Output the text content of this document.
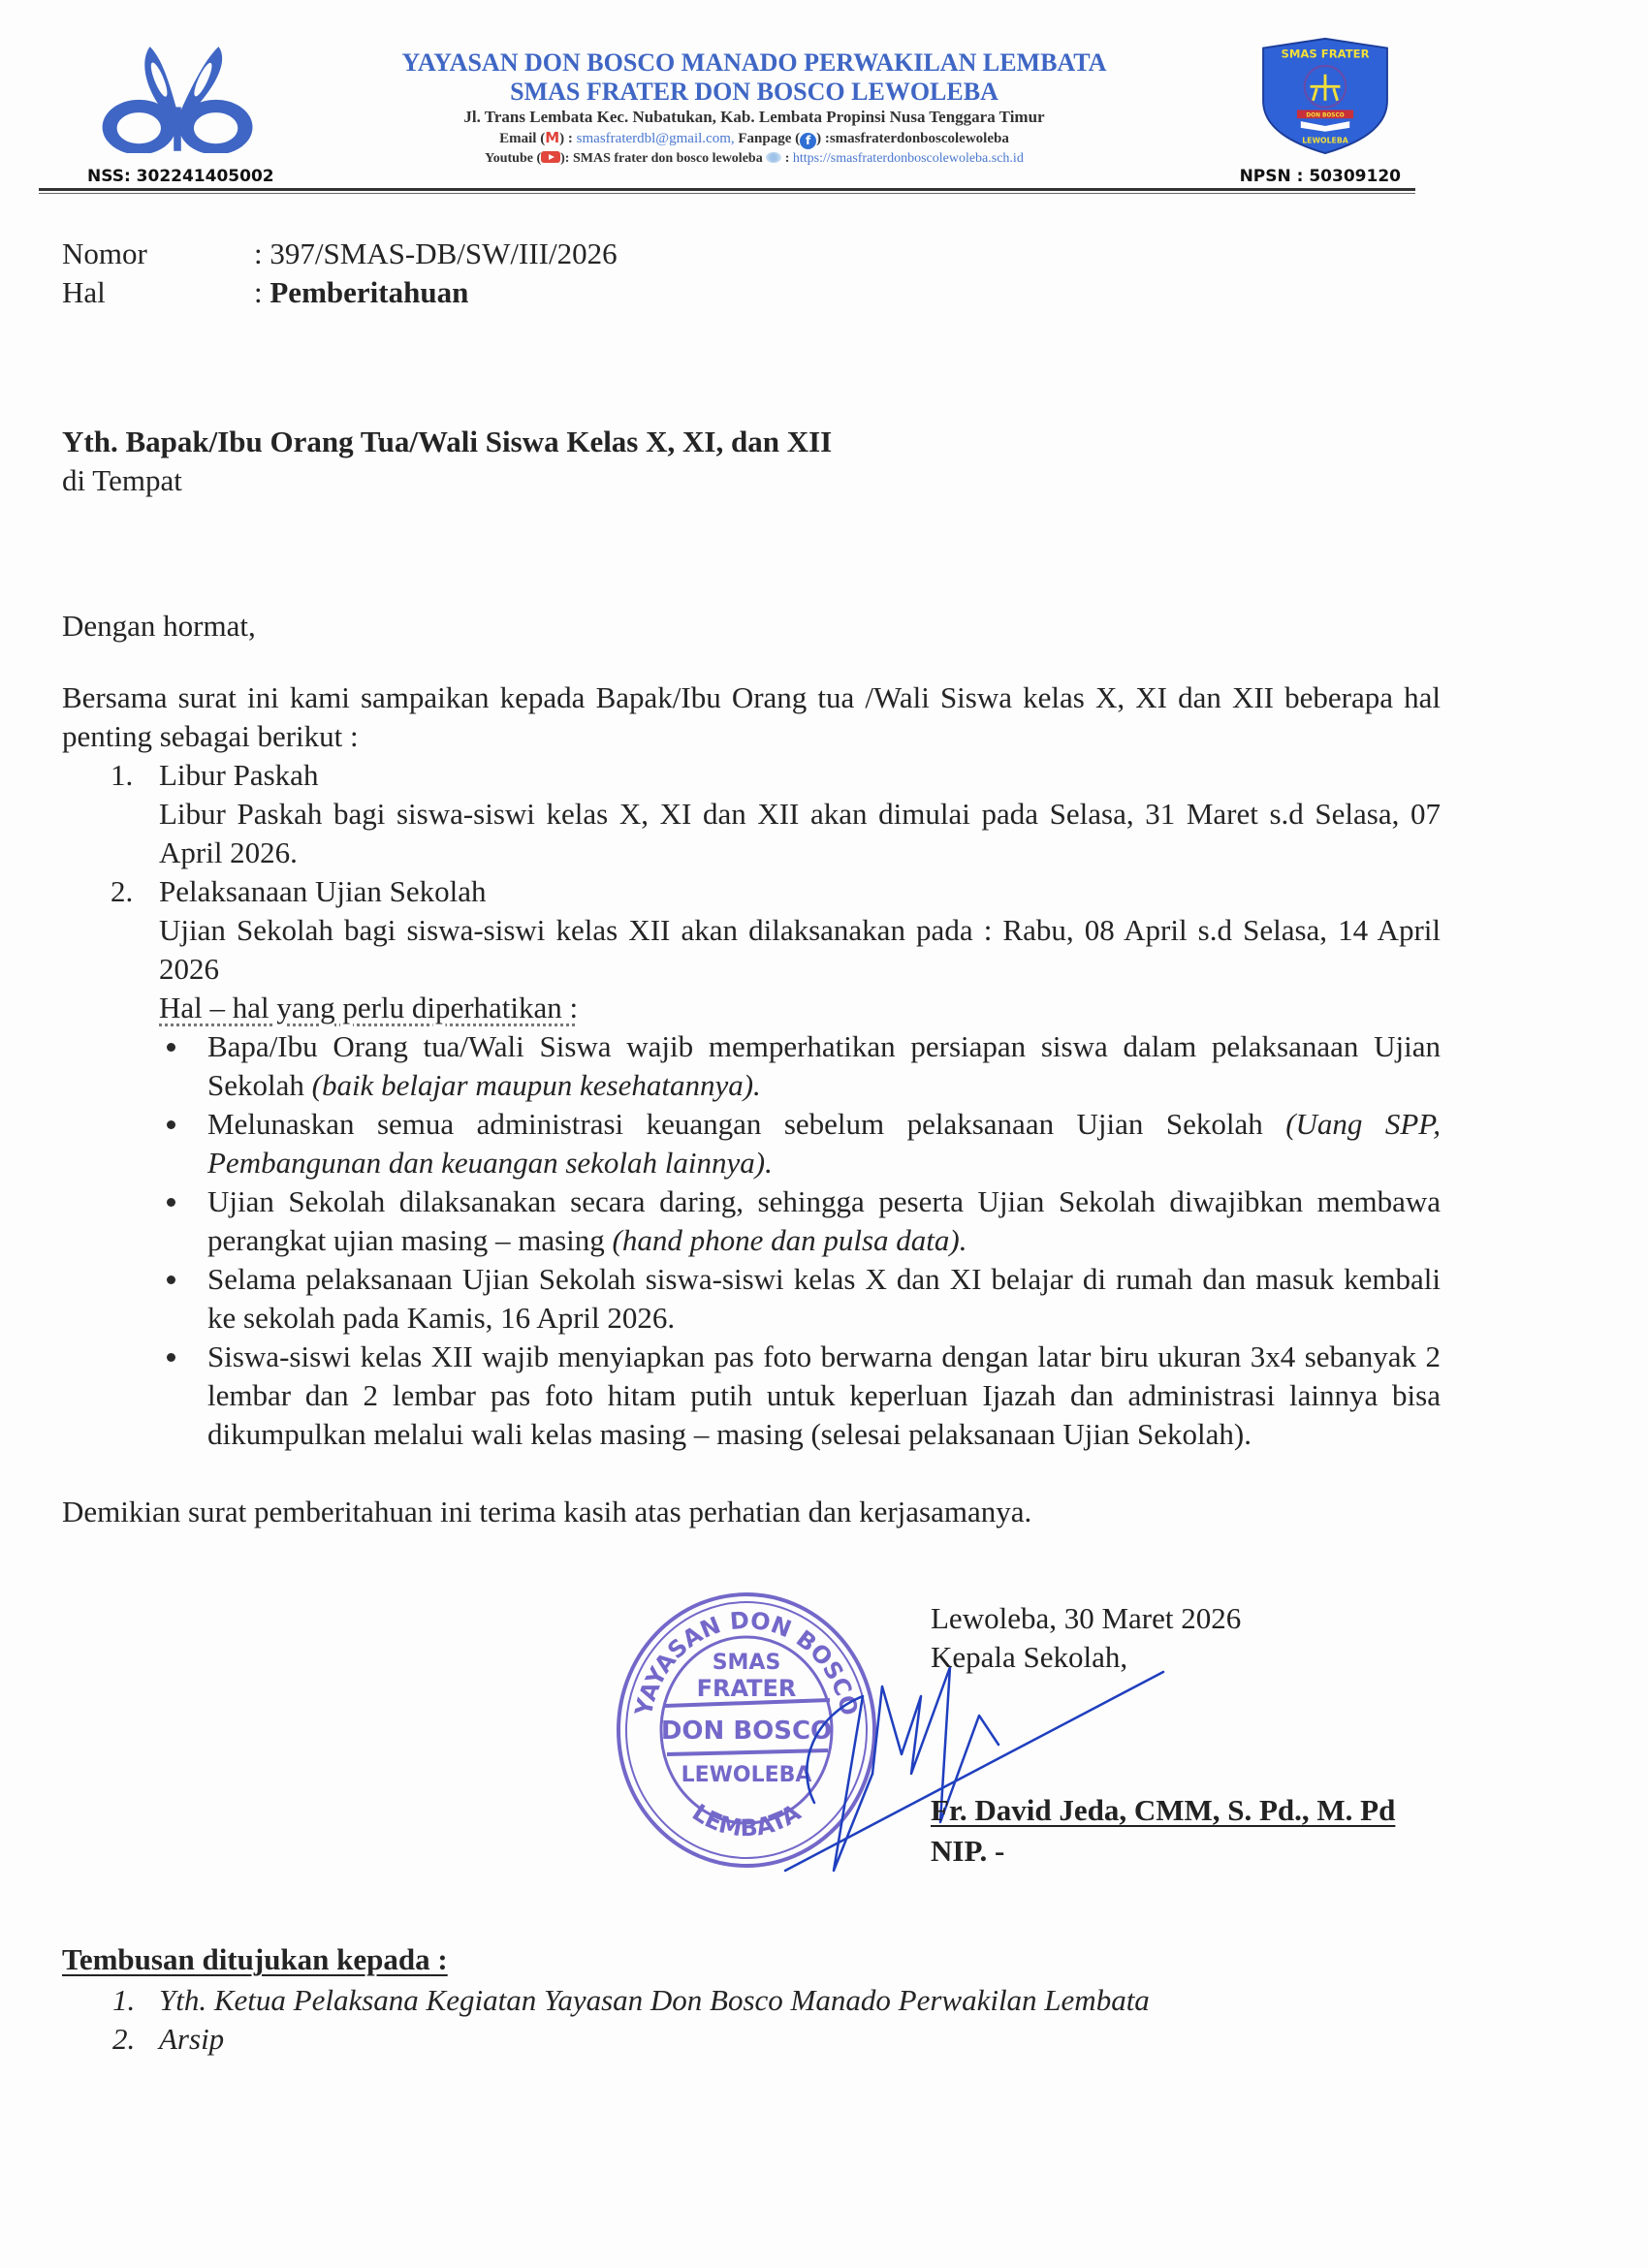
YAYASAN DON BOSCO MANADO PERWAKILAN LEMBATA
SMAS FRATER DON BOSCO LEWOLEBA
Jl. Trans Lembata Kec. Nubatukan, Kab. Lembata Propinsi Nusa Tenggara Timur
Email (M) : smasfraterdbl@gmail.com, Fanpage ( f ) :smasfraterdonboscolewoleba
Youtube ( ): SMAS frater don bosco lewoleba  : https://smasfraterdonboscolewoleba.sch.id
NSS: 302241405002	NPSN : 50309120
SMAS FRATER
DON BOSCO
LEWOLEBA
Nomor	: 397/SMAS-DB/SW/III/2026
Hal	: Pemberitahuan
Yth. Bapak/Ibu Orang Tua/Wali Siswa Kelas X, XI, dan XII
di Tempat
Dengan hormat,

Bersama surat ini kami sampaikan kepada Bapak/Ibu Orang tua /Wali Siswa kelas X, XI dan XII beberapa hal penting sebagai berikut :

1. Libur Paskah

Libur Paskah bagi siswa-siswi kelas X, XI dan XII akan dimulai pada Selasa, 31 Maret s.d Selasa, 07 April 2026.

2. Pelaksanaan Ujian Sekolah

Ujian Sekolah bagi siswa-siswi kelas XII akan dilaksanakan pada : Rabu, 08 April s.d Selasa, 14 April 2026

Hal – hal yang perlu diperhatikan :

Bapa/Ibu Orang tua/Wali Siswa wajib memperhatikan persiapan siswa dalam pelaksanaan Ujian Sekolah (baik belajar maupun kesehatannya).
Melunaskan semua administrasi keuangan sebelum pelaksanaan Ujian Sekolah (Uang SPP, Pembangunan dan keuangan sekolah lainnya).
Ujian Sekolah dilaksanakan secara daring, sehingga peserta Ujian Sekolah diwajibkan membawa perangkat ujian masing – masing (hand phone dan pulsa data).
Selama pelaksanaan Ujian Sekolah siswa-siswi kelas X dan XI belajar di rumah dan masuk kembali ke sekolah pada Kamis, 16 April 2026.
Siswa-siswi kelas XII wajib menyiapkan pas foto berwarna dengan latar biru ukuran 3x4 sebanyak 2 lembar dan 2 lembar pas foto hitam putih untuk keperluan Ijazah dan administrasi lainnya bisa dikumpulkan melalui wali kelas masing – masing (selesai pelaksanaan Ujian Sekolah).

Demikian surat pemberitahuan ini terima kasih atas perhatian dan kerjasamanya.

YAYASAN DON BOSCO
LEMBATA
SMAS
FRATER
DON BOSCO
LEWOLEBA
Lewoleba, 30 Maret 2026
Kepala Sekolah,
Fr. David Jeda, CMM, S. Pd., M. Pd
NIP. -
Tembusan ditujukan kepada :
1. Yth. Ketua Pelaksana Kegiatan Yayasan Don Bosco Manado Perwakilan Lembata
2. Arsip
